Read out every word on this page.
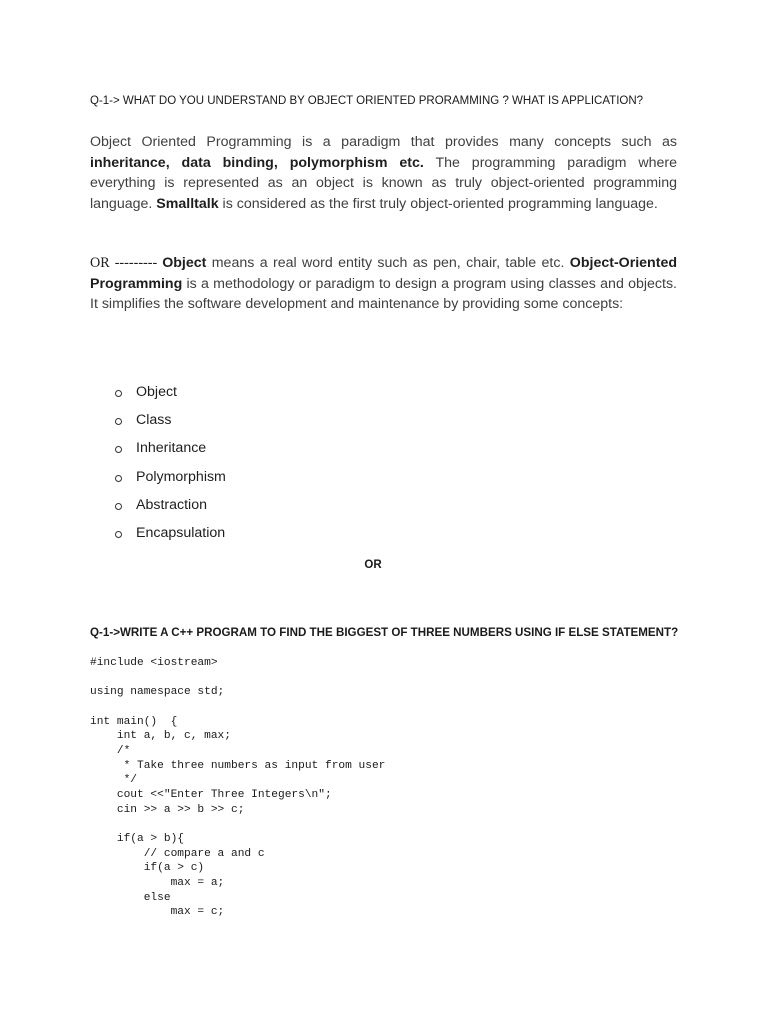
Q-1-> WHAT DO YOU UNDERSTAND BY OBJECT ORIENTED PRORAMMING ? WHAT IS APPLICATION?

Object Oriented Programming is a paradigm that provides many concepts such as inheritance, data binding, polymorphism etc. The programming paradigm where everything is represented as an object is known as truly object-oriented programming language. Smalltalk is considered as the first truly object-oriented programming language.

OR --------- Object means a real word entity such as pen, chair, table etc. Object-Oriented Programming is a methodology or paradigm to design a program using classes and objects. It simplifies the software development and maintenance by providing some concepts:

Object
Class
Inheritance
Polymorphism
Abstraction
Encapsulation
OR
Q-1->WRITE A C++ PROGRAM TO FIND THE BIGGEST OF THREE NUMBERS USING IF ELSE STATEMENT?
#include <iostream>

using namespace std;

int main()  {
int a, b, c, max;
/*
* Take three numbers as input from user
*/
cout <<"Enter Three Integers\n";
cin >> a >> b >> c;

if(a > b){
// compare a and c
if(a > c)
max = a;
else
max = c;
